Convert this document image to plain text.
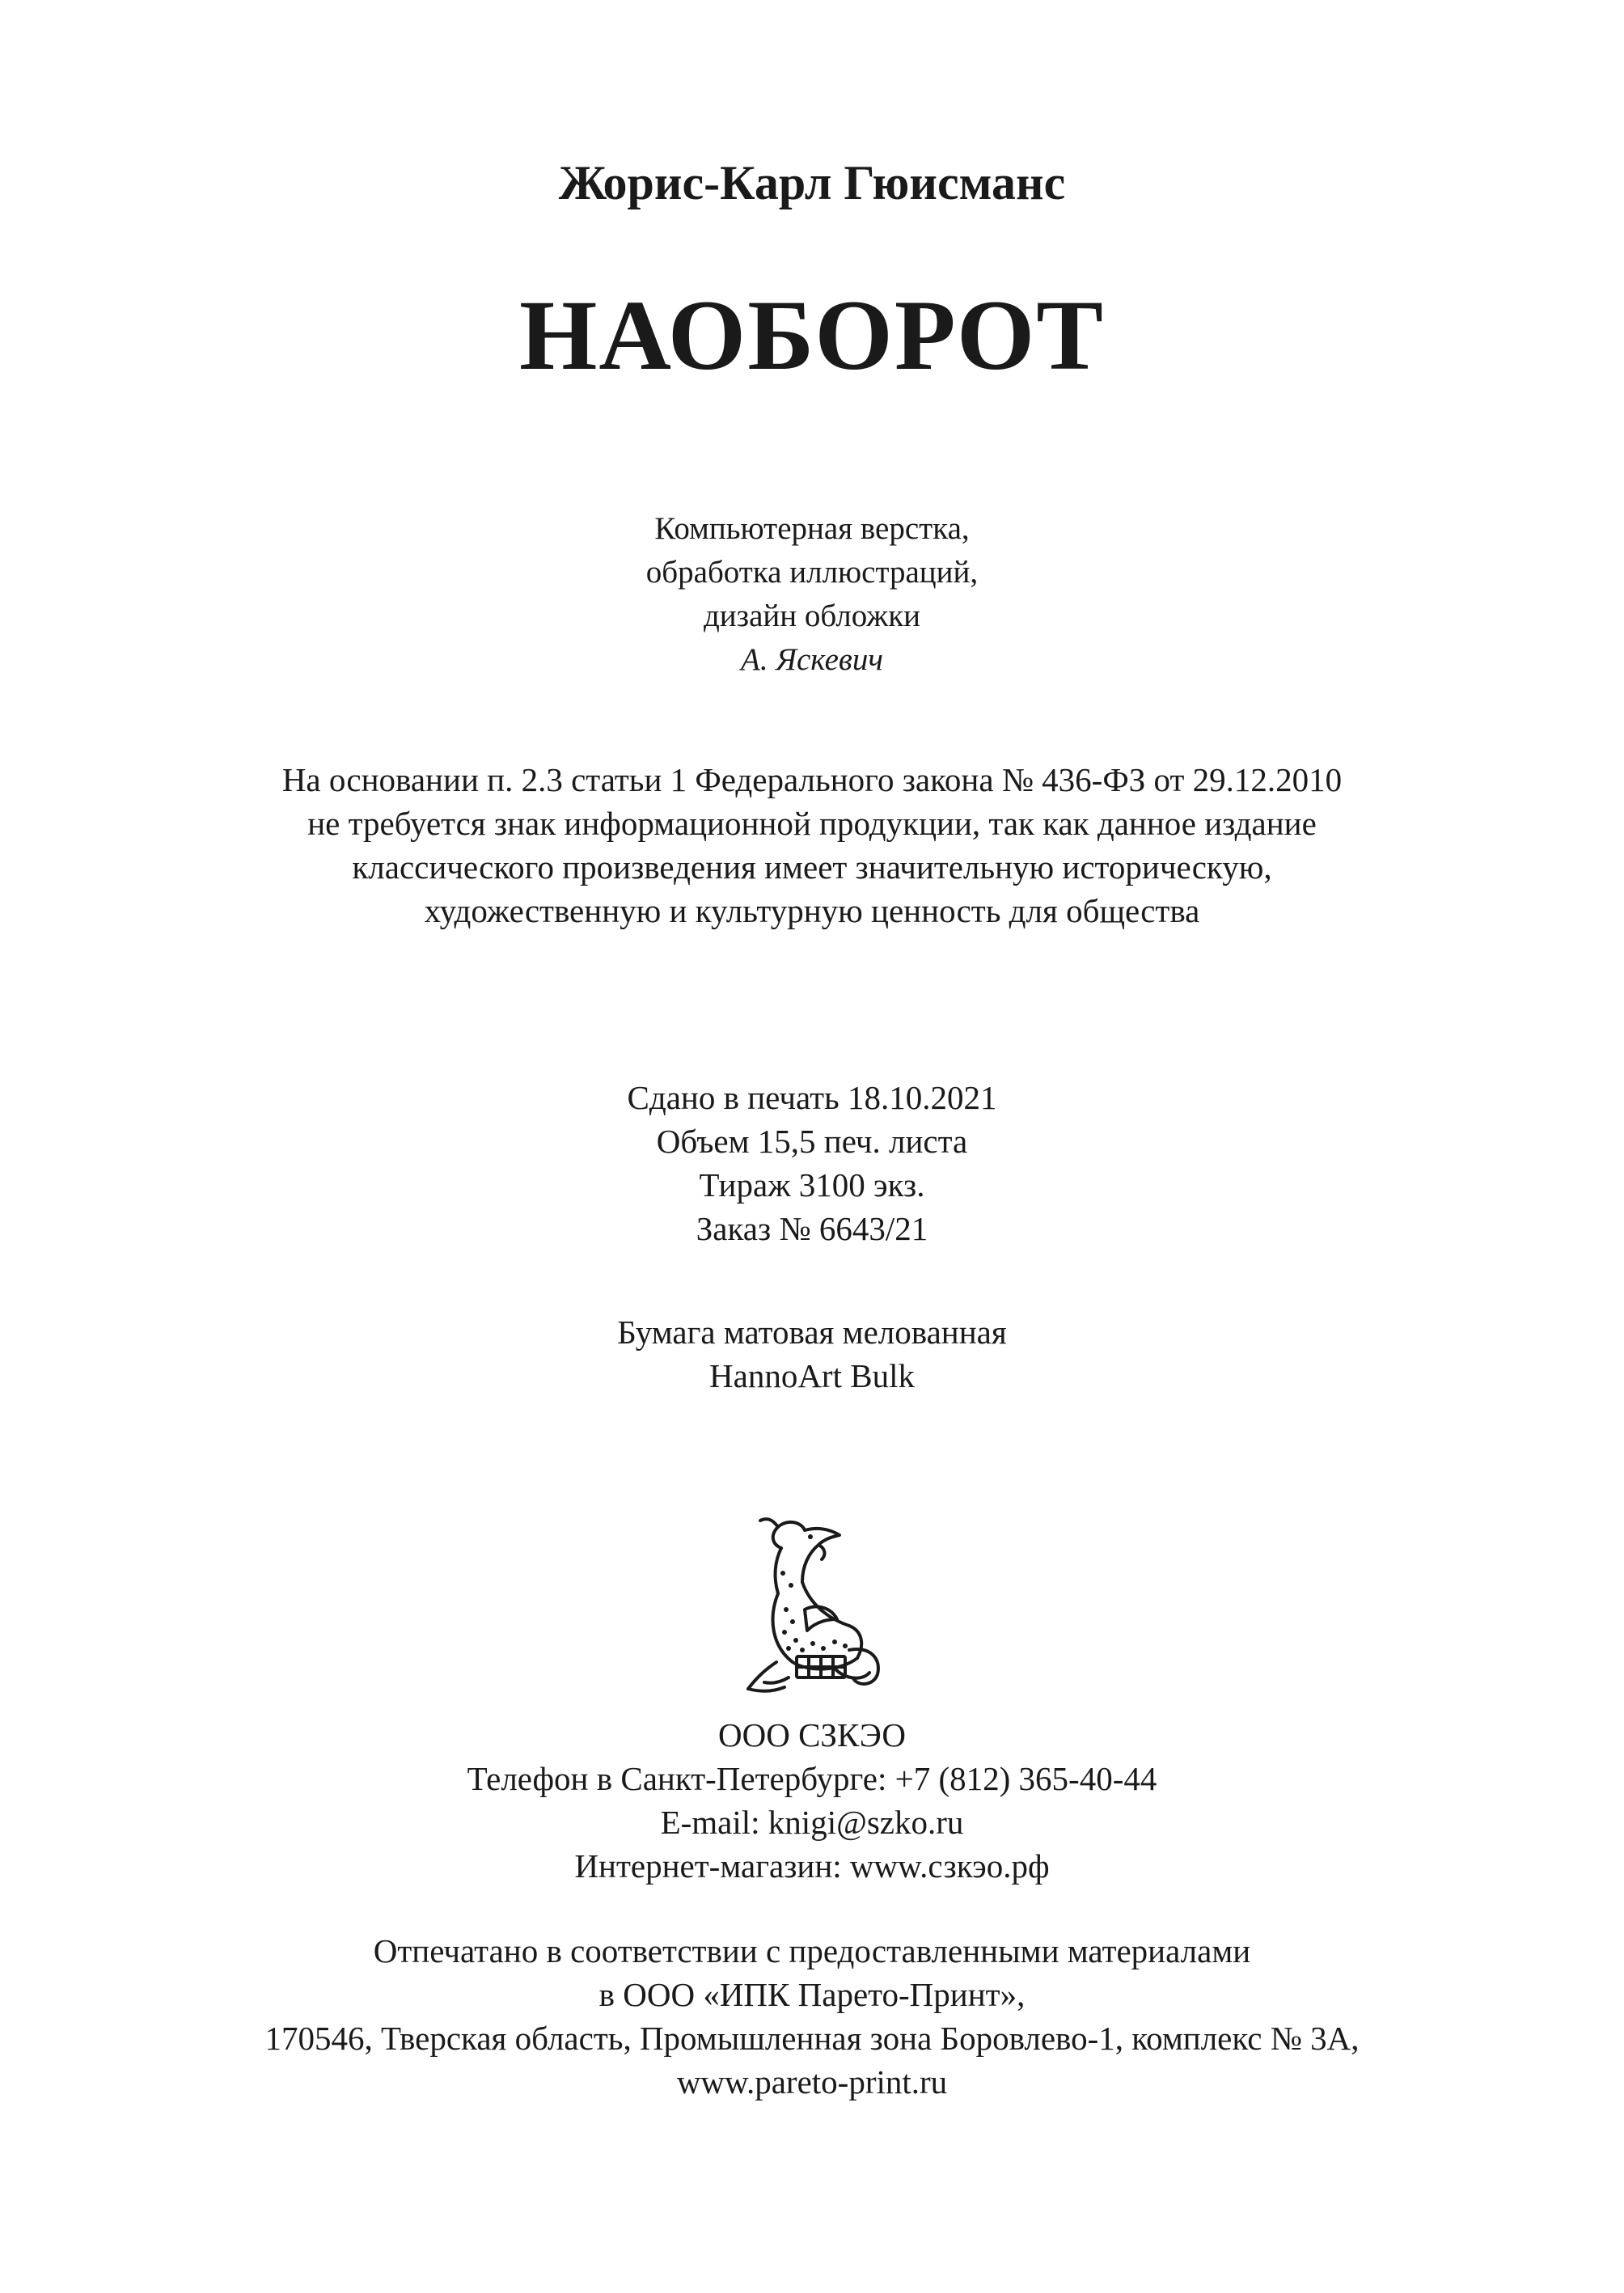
Жорис-Карл Гюисманс
НАОБОРОТ
Компьютерная верстка,
обработка иллюстраций,
дизайн обложки
А. Яскевич
На основании п. 2.3 статьи 1 Федерального закона № 436-ФЗ от 29.12.2010
не требуется знак информационной продукции, так как данное издание
классического произведения имеет значительную историческую,
художественную и культурную ценность для общества
Сдано в печать 18.10.2021
Объем 15,5 печ. листа
Тираж 3100 экз.
Заказ № 6643/21
Бумага матовая мелованная
HannoArt Bulk
ООО СЗКЭО
Телефон в Санкт-Петербурге: +7 (812) 365-40-44
E-mail: knigi@szko.ru
Интернет-магазин: www.сзкэо.рф
Отпечатано в соответствии с предоставленными материалами
в ООО «ИПК Парето-Принт»,
170546, Тверская область, Промышленная зона Боровлево-1, комплекс № 3А,
www.pareto-print.ru
